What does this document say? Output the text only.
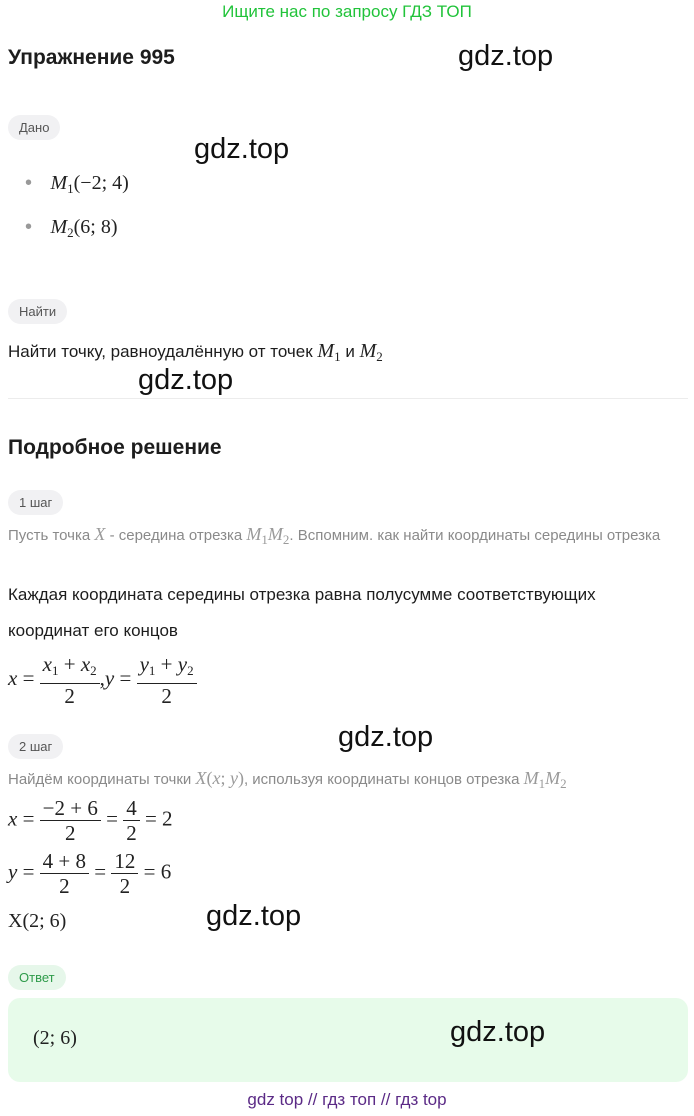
Ищите нас по запросу ГДЗ ТОП
Упражнение 995	gdz.top
Дано
gdz.top
• $M_1(-2$; 4)
• $M_2(6$; 8)
Найти
Найти точку, равноудалённую от точек $M_1$ и $M_2$
gdz.top
Подробное решение
1 шаг
Пусть точка X - середина отрезка $M_1M_2$. Вспомним. как найти координаты середины отрезка
Каждая координата середины отрезка равна полусумме соответствующих
координат его концов
$x = \frac{x_1 + x_2}{2} ,y = \frac{y_1 + y_2}{2}$
2 шаг	gdz.top
Найдём координаты точки X(x; y), используя координаты концов отрезка $M_1M_2$
$x = \frac{-2 + 6}{2} = \frac{4}{2} = 2$
$y = \frac{4 + 8}{2} = \frac{12}{2} = 6$
X(2; 6)	gdz.top
Ответ
(2; 6)	gdz.top
gdz top // гдз топ // гдз top
